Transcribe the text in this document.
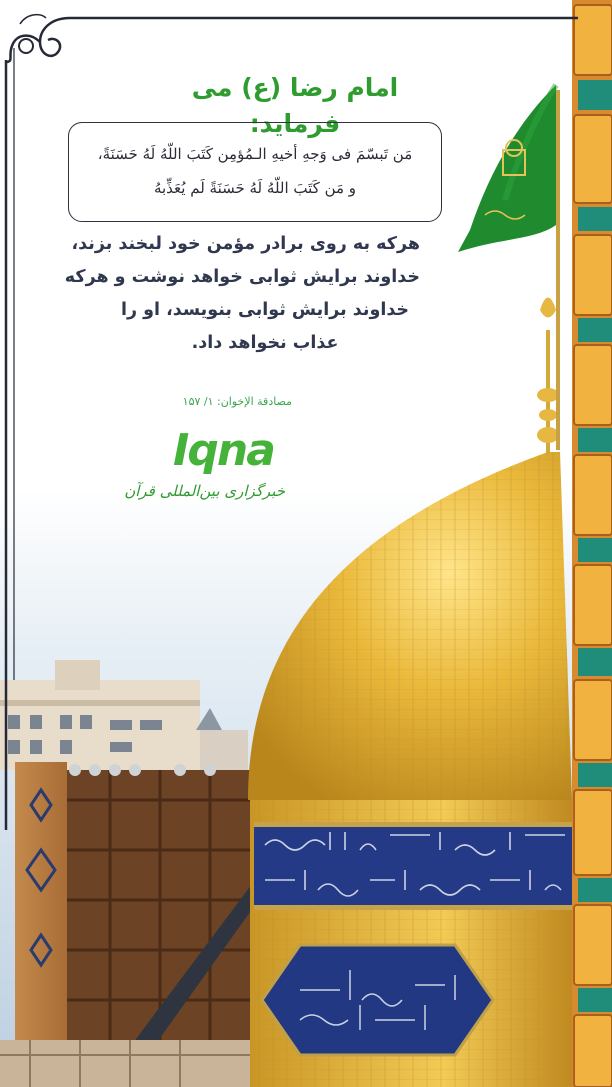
امام رضا (ع) می فرماید:
مَن تَبسّمَ فی وَجهِ أخیهِ الـمُؤمِن کَتَبَ اللّهُ لَهُ حَسَنَةً،
و مَن کَتَبَ اللّهُ لَهُ حَسَنَةً لَم یُعَذِّبهُ
هرکه به روی برادر مؤمن خود لبخند بزند،
خداوند برایش ثوابی خواهد نوشت و هرکه
خداوند برایش ثوابی بنویسد، او را
عذاب نخواهد داد.
مصادقة الإخوان: ۱/ ۱۵۷
Iqna
خبرگزاری بین‌المللی قرآن
